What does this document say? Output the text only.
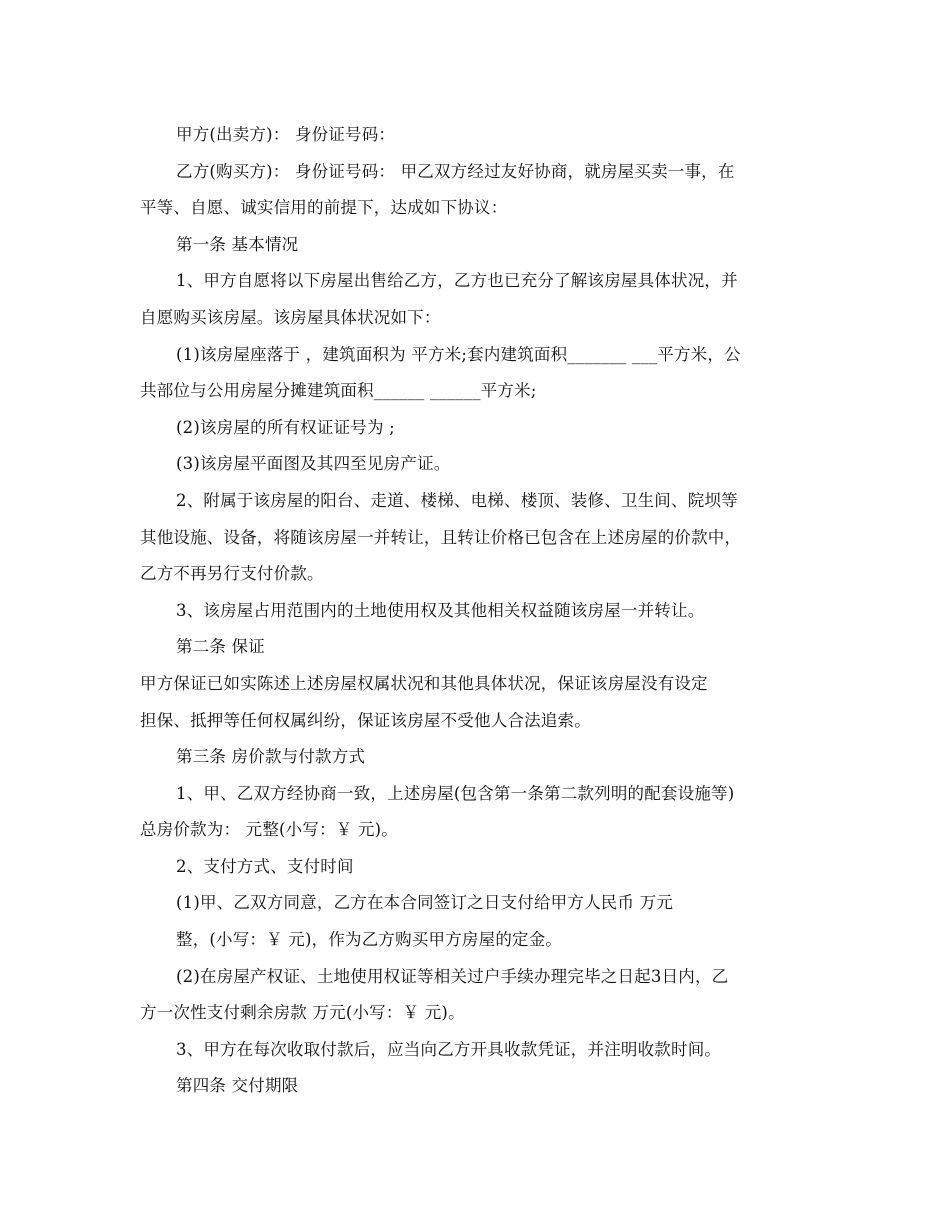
甲方(出卖方)： 身份证号码：

乙方(购买方)： 身份证号码： 甲乙双方经过友好协商，就房屋买卖一事，在

平等、自愿、诚实信用的前提下，达成如下协议：

第一条 基本情况

1、甲方自愿将以下房屋出售给乙方，乙方也已充分了解该房屋具体状况，并

自愿购买该房屋。该房屋具体状况如下：

(1)该房屋座落于 ，建筑面积为 平方米;套内建筑面积_______ ___平方米，公

共部位与公用房屋分摊建筑面积______ ______平方米;

(2)该房屋的所有权证证号为 ;

(3)该房屋平面图及其四至见房产证。

2、附属于该房屋的阳台、走道、楼梯、电梯、楼顶、装修、卫生间、院坝等

其他设施、设备，将随该房屋一并转让，且转让价格已包含在上述房屋的价款中，

乙方不再另行支付价款。

3、该房屋占用范围内的土地使用权及其他相关权益随该房屋一并转让。

第二条 保证

甲方保证已如实陈述上述房屋权属状况和其他具体状况，保证该房屋没有设定

担保、抵押等任何权属纠纷，保证该房屋不受他人合法追索。

第三条 房价款与付款方式

1、甲、乙双方经协商一致，上述房屋(包含第一条第二款列明的配套设施等)

总房价款为： 元整(小写：￥ 元)。

2、支付方式、支付时间

(1)甲、乙双方同意，乙方在本合同签订之日支付给甲方人民币 万元

整，(小写：￥ 元)，作为乙方购买甲方房屋的定金。

(2)在房屋产权证、土地使用权证等相关过户手续办理完毕之日起3日内，乙

方一次性支付剩余房款 万元(小写：￥ 元)。

3、甲方在每次收取付款后，应当向乙方开具收款凭证，并注明收款时间。

第四条 交付期限
